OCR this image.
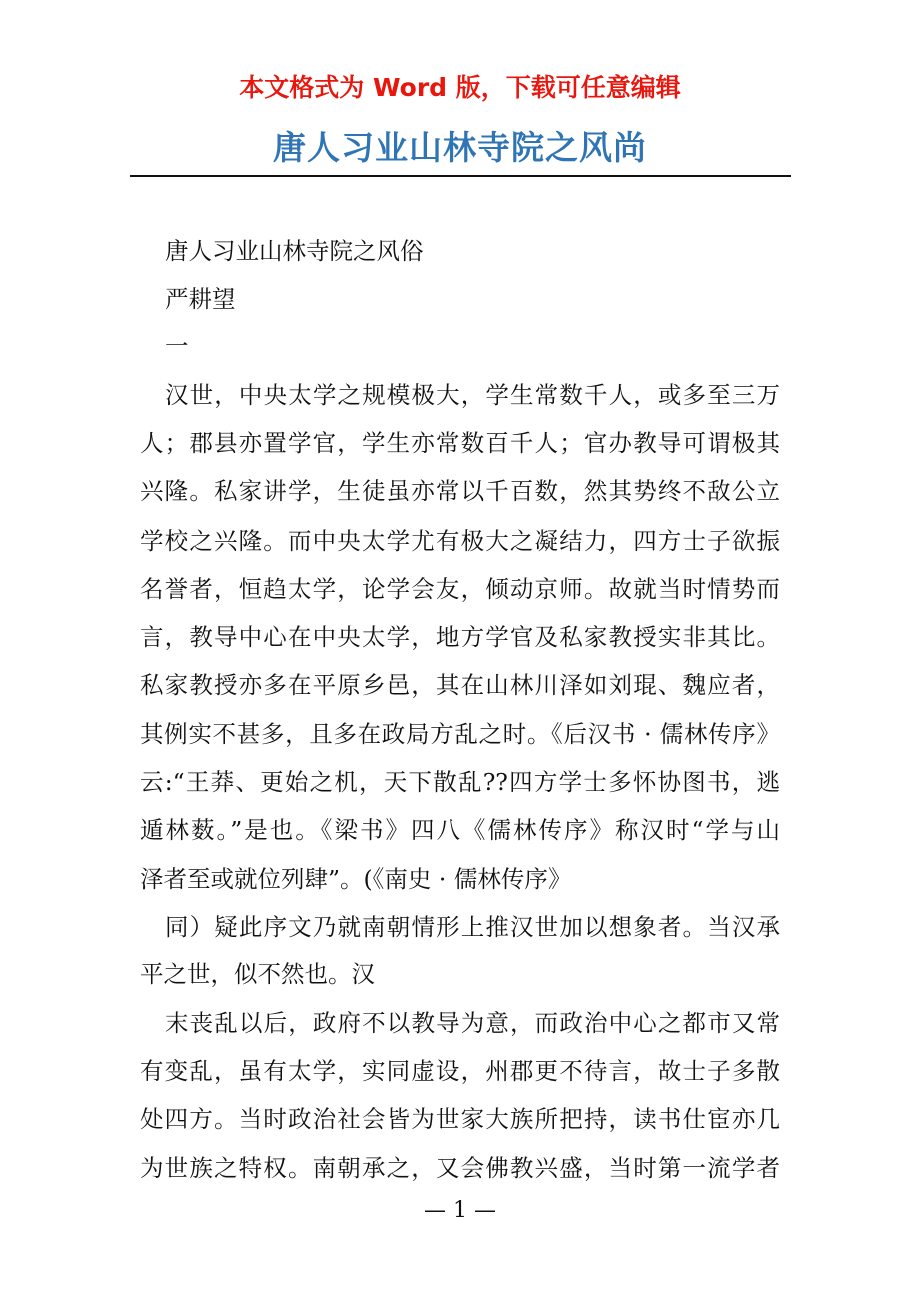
本文格式为 Word 版，下载可任意编辑
唐人习业山林寺院之风尚
唐人习业山林寺院之风俗
严耕望
一
汉世，中央太学之规模极大，学生常数千人，或多至三万
人；郡县亦置学官，学生亦常数百千人；官办教导可谓极其
兴隆。私家讲学，生徒虽亦常以千百数，然其势终不敌公立
学校之兴隆。而中央太学尤有极大之凝结力，四方士子欲振
名誉者，恒趋太学，论学会友，倾动京师。故就当时情势而
言，教导中心在中央太学，地方学官及私家教授实非其比。
私家教授亦多在平原乡邑，其在山林川泽如刘琨、魏应者，
其例实不甚多，且多在政局方乱之时。《后汉书 · 儒林传序》
云:“王莽、更始之机，天下散乱??四方学士多怀协图书，逃
遁林薮。”是也。《梁书》四八《儒林传序》称汉时“学与山
泽者至或就位列肆”。(《南史 · 儒林传序》
同）疑此序文乃就南朝情形上推汉世加以想象者。当汉承
平之世，似不然也。汉
末丧乱以后，政府不以教导为意，而政治中心之都市又常
有变乱，虽有太学，实同虚设，州郡更不待言，故士子多散
处四方。当时政治社会皆为世家大族所把持，读书仕宦亦几
为世族之特权。南朝承之，又会佛教兴盛，当时第一流学者
— 1 —
